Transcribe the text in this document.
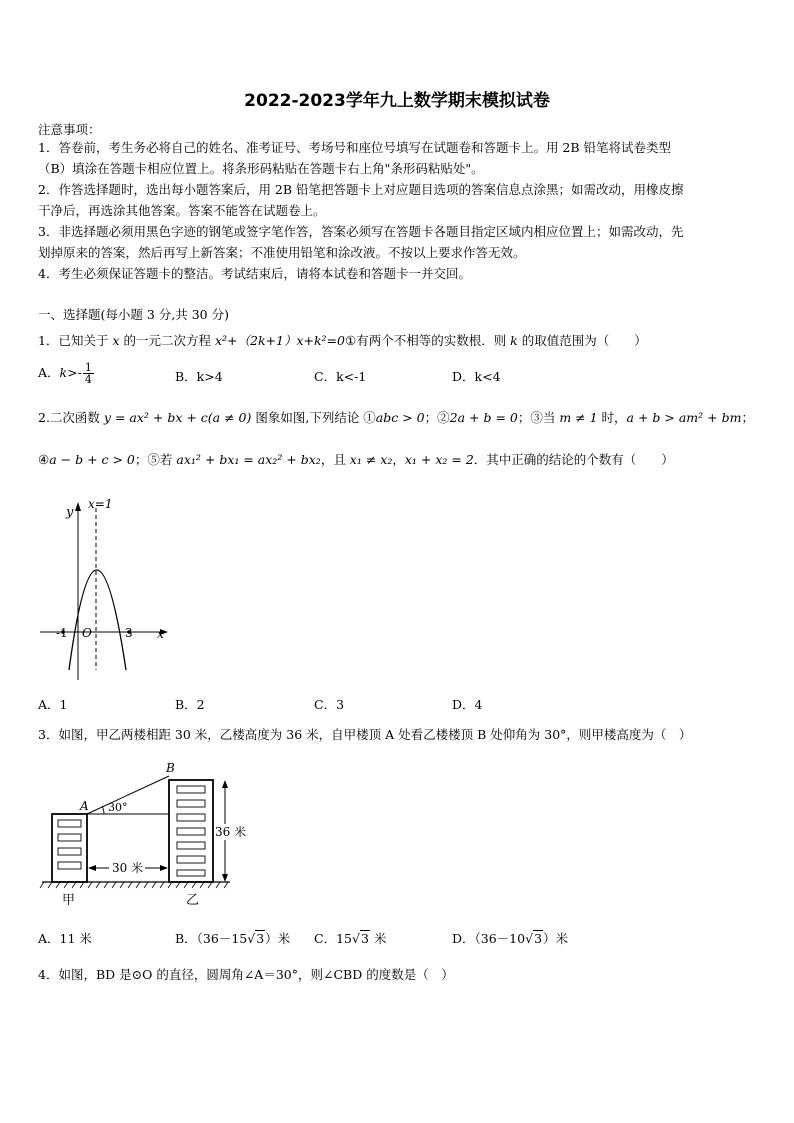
2022-2023学年九上数学期末模拟试卷
注意事项：
1．答卷前，考生务必将自己的姓名、准考证号、考场号和座位号填写在试题卷和答题卡上。用 2B 铅笔将试卷类型
（B）填涂在答题卡相应位置上。将条形码粘贴在答题卡右上角"条形码粘贴处"。
2．作答选择题时，选出每小题答案后，用 2B 铅笔把答题卡上对应题目选项的答案信息点涂黑；如需改动，用橡皮擦
干净后，再选涂其他答案。答案不能答在试题卷上。
3．非选择题必须用黑色字迹的钢笔或签字笔作答，答案必须写在答题卡各题目指定区域内相应位置上；如需改动，先
划掉原来的答案，然后再写上新答案；不准使用铅笔和涂改液。不按以上要求作答无效。
4．考生必须保证答题卡的整洁。考试结束后，请将本试卷和答题卡一并交回。
一、选择题(每小题 3 分,共 30 分)
1．已知关于 x 的一元二次方程 x²+（2k+1）x+k²=0①有两个不相等的实数根．则 k 的取值范围为（　　）
A．$k>- \frac{1}{4}$	B．k>4	C．k<-1	D．k<4
2.二次函数 y = ax² + bx + c(a ≠ 0) 图象如图,下列结论 ①abc > 0；②2a + b = 0；③当 m ≠ 1 时，a + b > am² + bm；
④a − b + c > 0；⑤若 ax₁² + bx₁ = ax₂² + bx₂，且 x₁ ≠ x₂，x₁ + x₂ = 2．其中正确的结论的个数有（　　）
y
x=1
x
-1 O	3
A．1	B．2	C．3	D．4
3．如图，甲乙两楼相距 30 米，乙楼高度为 36 米，自甲楼顶 A 处看乙楼楼顶 B 处仰角为 30°，则甲楼高度为（　）
A
B
30°
36 米
30 米
甲	乙
A．11 米	B．（36－15√3）米 C．15√3 米	D．（36－10√3）米
4．如图，BD 是⊙O 的直径，圆周角∠A＝30°，则∠CBD 的度数是（　）
